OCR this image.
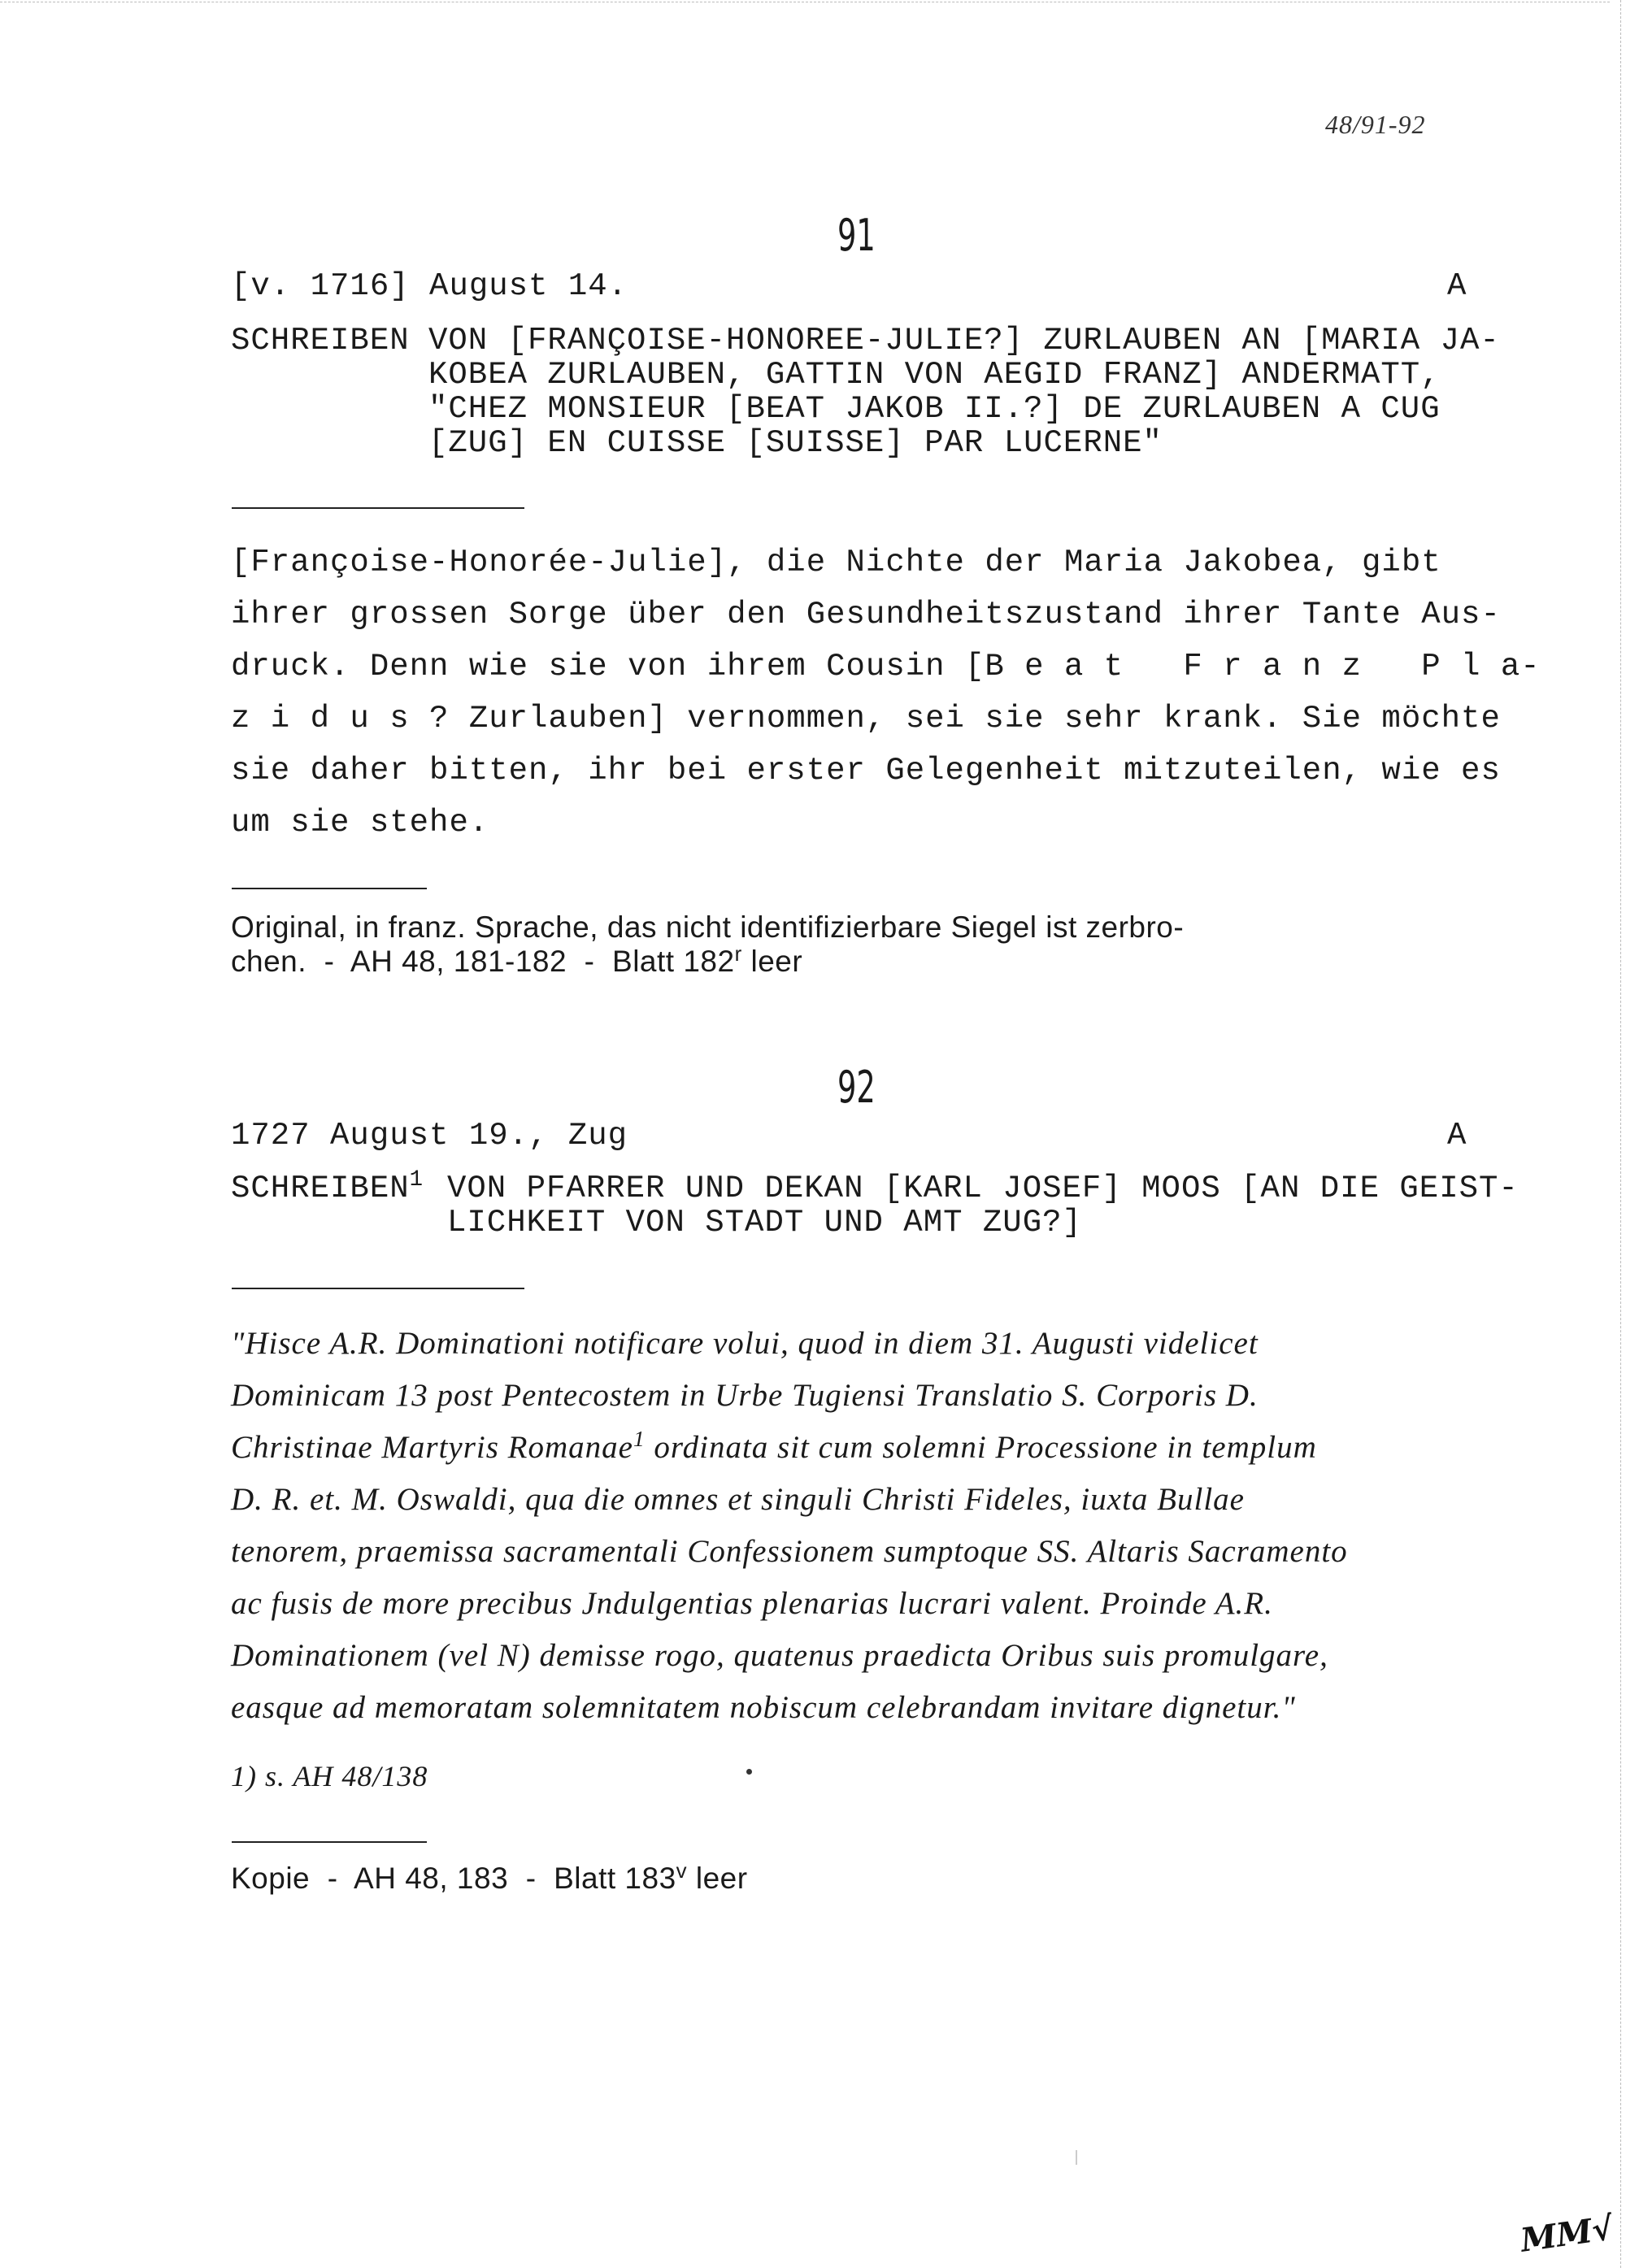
48/91-92
91
[v. 1716] August 14.	A
SCHREIBEN VON [FRANÇOISE-HONOREE-JULIE?] ZURLAUBEN AN [MARIA JA-
KOBEA ZURLAUBEN, GATTIN VON AEGID FRANZ] ANDERMATT,
"CHEZ MONSIEUR [BEAT JAKOB II.?] DE ZURLAUBEN A CUG
[ZUG] EN CUISSE [SUISSE] PAR LUCERNE"
[Françoise-Honorée-Julie], die Nichte der Maria Jakobea, gibt
ihrer grossen Sorge über den Gesundheitszustand ihrer Tante Aus-
druck. Denn wie sie von ihrem Cousin [B e a t   F r a n z   P l a-
z i d u s ? Zurlauben] vernommen, sei sie sehr krank. Sie möchte
sie daher bitten, ihr bei erster Gelegenheit mitzuteilen, wie es
um sie stehe.
Original, in franz. Sprache, das nicht identifizierbare Siegel ist zerbro-
chen.  -  AH 48, 181-182  -  Blatt 182$^r$ leer
92
1727 August 19., Zug	A
SCHREIBEN$^1$ VON PFARRER UND DEKAN [KARL JOSEF] MOOS [AN DIE GEIST-
LICHKEIT VON STADT UND AMT ZUG?]
"Hisce A.R. Dominationi notificare volui, quod in diem 31. Augusti videlicet
Dominicam 13 post Pentecostem in Urbe Tugiensi Translatio S. Corporis D.
Christinae Martyris Romanae$^1$ ordinata sit cum solemni Processione in templum
D. R. et. M. Oswaldi, qua die omnes et singuli Christi Fideles, iuxta Bullae
tenorem, praemissa sacramentali Confessionem sumptoque SS. Altaris Sacramento
ac fusis de more precibus Jndulgentias plenarias lucrari valent. Proinde A.R.
Dominationem (vel N) demisse rogo, quatenus praedicta Oribus suis promulgare,
easque ad memoratam solemnitatem nobiscum celebrandam invitare dignetur."
1) s. AH 48/138
Kopie  -  AH 48, 183  -  Blatt 183$^v$ leer
MM√
